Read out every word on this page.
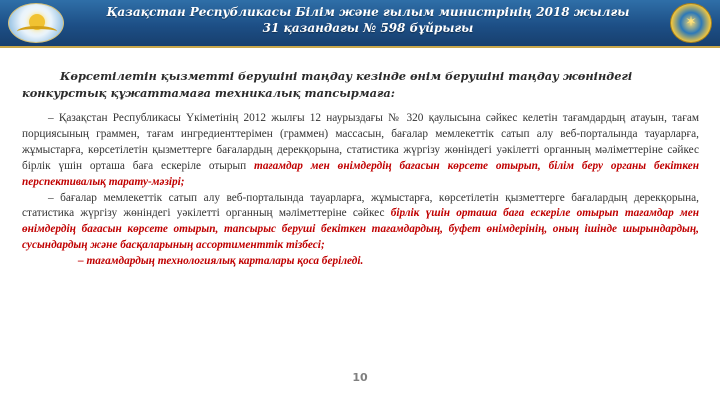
Қазақстан Республикасы Білім және ғылым министрінің 2018 жылғы
31 қазандағы № 598 бұйрығы	✶
Көрсетілетін қызметті берушіні таңдау кезінде өнім берушіні таңдау жөніндегі
конкурстық құжаттамаға техникалық тапсырмаға:

– Қазақстан Республикасы Үкіметінің 2012 жылғы 12 наурыздағы № 320 қаулысына сәйкес келетін тағамдардың атауын, тағам порциясының граммен, тағам ингредиенттерімен (граммен) массасын, бағалар мемлекеттік сатып алу веб-порталында тауарларға, жұмыстарға, көрсетілетін қызметтерге бағалардың дерекқорына, статистика жүргізу жөніндегі уәкілетті органның мәліметтеріне сәйкес бірлік үшін орташа баға ескеріле отырып тағамдар мен өнімдердің бағасын көрсете отырып, білім беру органы бекіткен перспективалық тарату-мәзірі;

– бағалар мемлекеттік сатып алу веб-порталында тауарларға, жұмыстарға, көрсетілетін қызметтерге бағалардың дерекқорына, статистика жүргізу жөніндегі уәкілетті органның мәліметтеріне сәйкес бірлік үшін орташа баға ескеріле отырып тағамдар мен өнімдердің бағасын көрсете отырып, тапсырыс беруші бекіткен тағамдардың, буфет өнімдерінің, оның ішінде шырындардың, сусындардың және басқаларының ассортименттік тізбесі;

– тағамдардың технологиялық карталары қоса беріледі.

10
